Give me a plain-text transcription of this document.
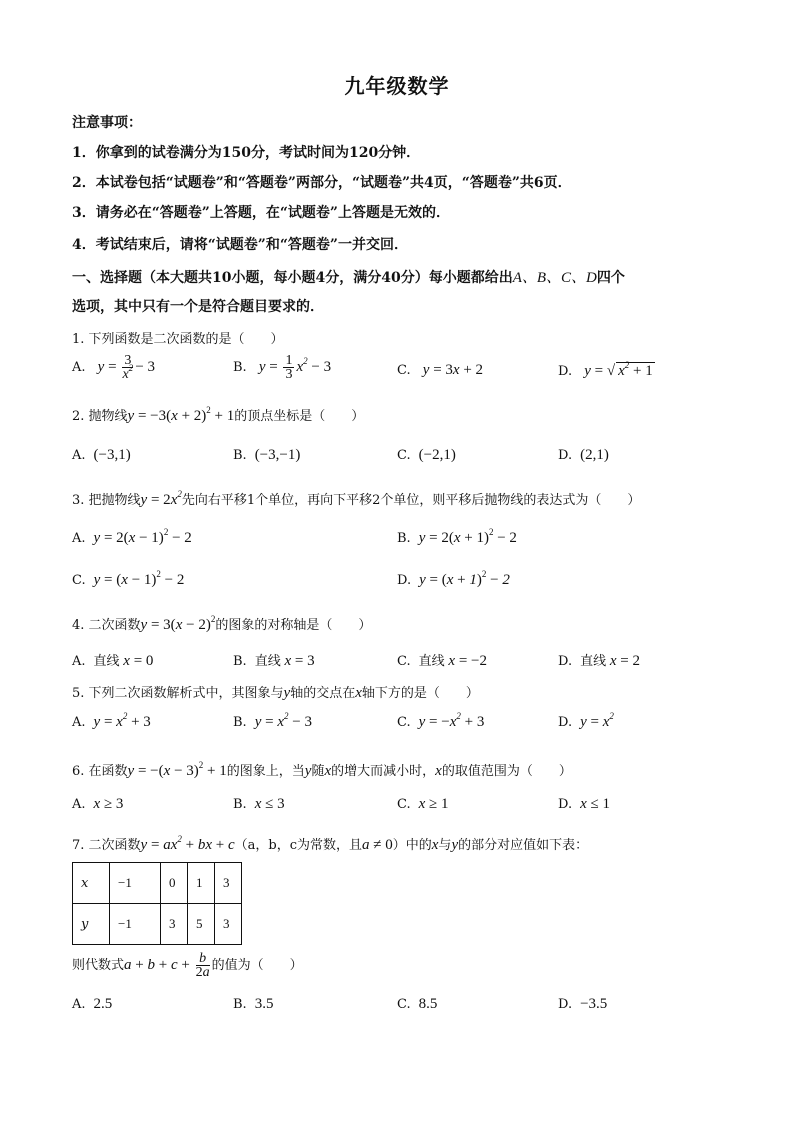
九年级数学
注意事项：
1．你拿到的试卷满分为150分，考试时间为120分钟．
2．本试卷包括“试题卷”和“答题卷”两部分，“试题卷”共4页，“答题卷”共6页．
3．请务必在“答题卷”上答题，在“试题卷”上答题是无效的．
4．考试结束后，请将“试题卷”和“答题卷”一并交回．
一、选择题（本大题共10小题，每小题4分，满分40分）每小题都给出A、B、C、D四个
选项，其中只有一个是符合题目要求的．
1. 下列函数是二次函数的是（　　）
A. $y = \frac{3}{x^2} - 3$	B. $y = \frac{1}{3} x^2 - 3$	C. y = 3x + 2	D. y = √ $x^2 + 1$
2. 抛物线$y = -3(x + 2)^2 + 1$的顶点坐标是（　　）
A. (−3,1)	B. (−3,−1)	C. (−2,1)	D. (2,1)
3. 把抛物线$y = 2x^2$先向右平移1个单位，再向下平移2个单位，则平移后抛物线的表达式为（　　）
A. $y = 2(x - 1)^2 - 2$	B. $y = 2(x + 1)^2 - 2$
C. $y = (x - 1)^2 - 2$	D. $y = (x + 1)^2 - 2$
4. 二次函数$y = 3(x - 2)^2$的图象的对称轴是（　　）
A. 直线 x = 0	B. 直线 x = 3	C. 直线 x = −2	D. 直线 x = 2
5. 下列二次函数解析式中，其图象与y轴的交点在x轴下方的是（　　）
A. $y = x^2 + 3$	B. $y = x^2 - 3$	C. $y = -x^2 + 3$	D. $y = x^2$
6. 在函数$y = -(x - 3)^2 + 1$的图象上，当y随x的增大而减小时，x的取值范围为（　　）
A. x ≥ 3	B. x ≤ 3	C. x ≥ 1	D. x ≤ 1
7. 二次函数$y = ax^2$ + bx + c（a，b，c为常数，且a ≠ 0）中的x与y的部分对应值如下表：
x	−1	0	1	3
y	−1	3	5	3
则代数式$a + b + c + \frac{b}{2a}$ 的值为（　　）
A. 2.5	B. 3.5	C. 8.5	D. −3.5
